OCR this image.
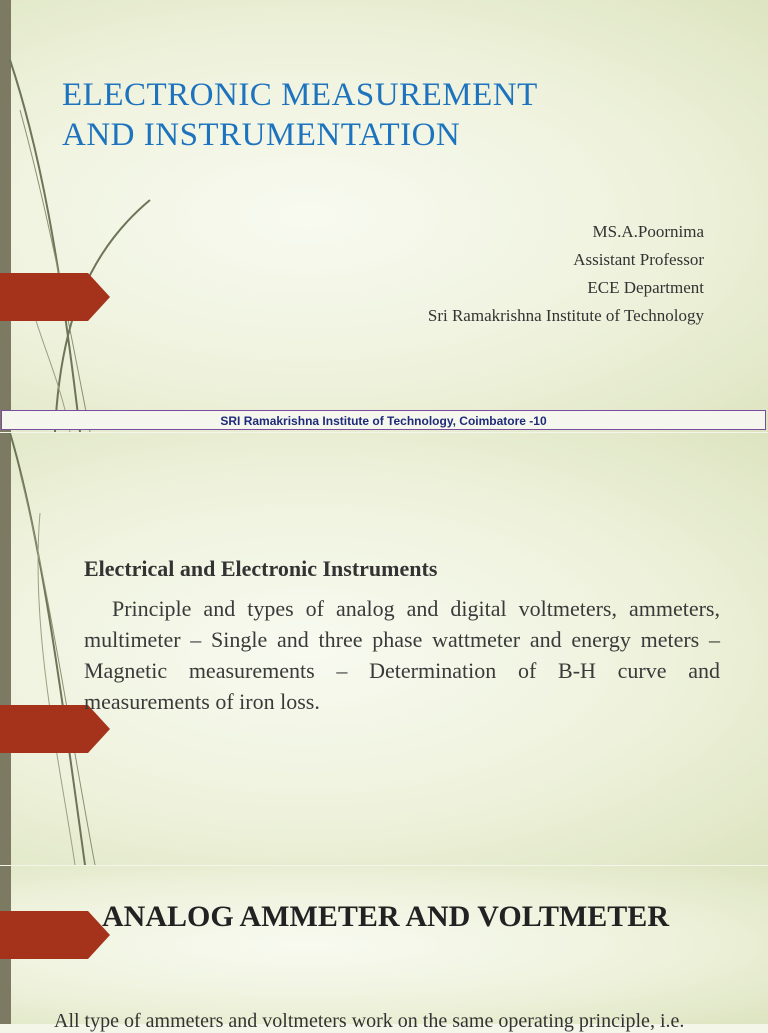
ELECTRONIC MEASUREMENT
AND INSTRUMENTATION
MS.A.Poornima
Assistant Professor
ECE Department
Sri Ramakrishna Institute of Technology
SRI Ramakrishna Institute of Technology, Coimbatore -10

Electrical and Electronic Instruments

Principle and types of analog and digital voltmeters, ammeters, multimeter – Single and three phase wattmeter and energy meters – Magnetic measurements – Determination of B-H curve and measurements of iron loss.

ANALOG AMMETER AND VOLTMETER

All type of ammeters and voltmeters work on the same operating principle, i.e.
